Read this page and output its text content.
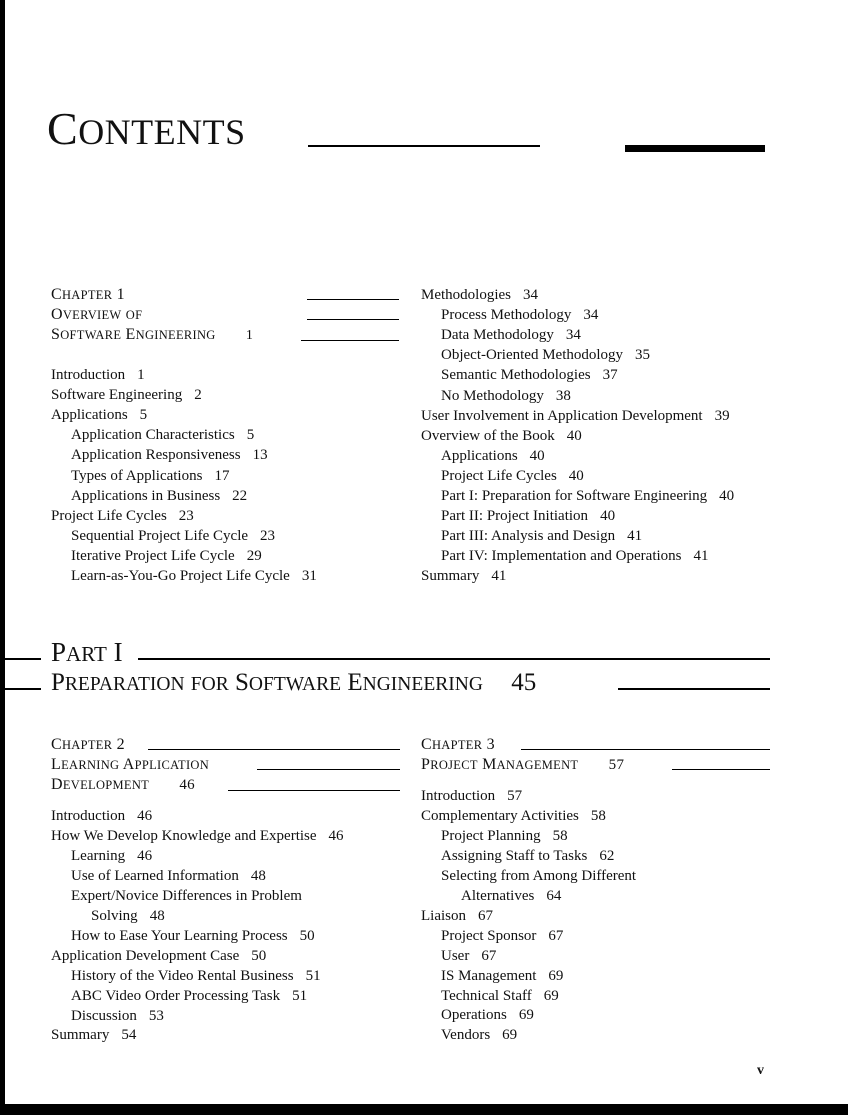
CONTENTS
CHAPTER 1
OVERVIEW OF
SOFTWARE ENGINEERING 1
Introduction 1
Software Engineering 2
Applications 5
Application Characteristics 5
Application Responsiveness 13
Types of Applications 17
Applications in Business 22
Project Life Cycles 23
Sequential Project Life Cycle 23
Iterative Project Life Cycle 29
Learn-as-You-Go Project Life Cycle 31
Methodologies 34
Process Methodology 34
Data Methodology 34
Object-Oriented Methodology 35
Semantic Methodologies 37
No Methodology 38
User Involvement in Application Development 39
Overview of the Book 40
Applications 40
Project Life Cycles 40
Part I: Preparation for Software Engineering 40
Part II: Project Initiation 40
Part III: Analysis and Design 41
Part IV: Implementation and Operations 41
Summary 41
PART I
PREPARATION FOR SOFTWARE ENGINEERING 45
CHAPTER 2
LEARNING APPLICATION
DEVELOPMENT 46
CHAPTER 3
PROJECT MANAGEMENT 57
Introduction 46
How We Develop Knowledge and Expertise 46
Learning 46
Use of Learned Information 48
Expert/Novice Differences in Problem
Solving 48
How to Ease Your Learning Process 50
Application Development Case 50
History of the Video Rental Business 51
ABC Video Order Processing Task 51
Discussion 53
Summary 54
Introduction 57
Complementary Activities 58
Project Planning 58
Assigning Staff to Tasks 62
Selecting from Among Different
Alternatives 64
Liaison 67
Project Sponsor 67
User 67
IS Management 69
Technical Staff 69
Operations 69
Vendors 69
v
